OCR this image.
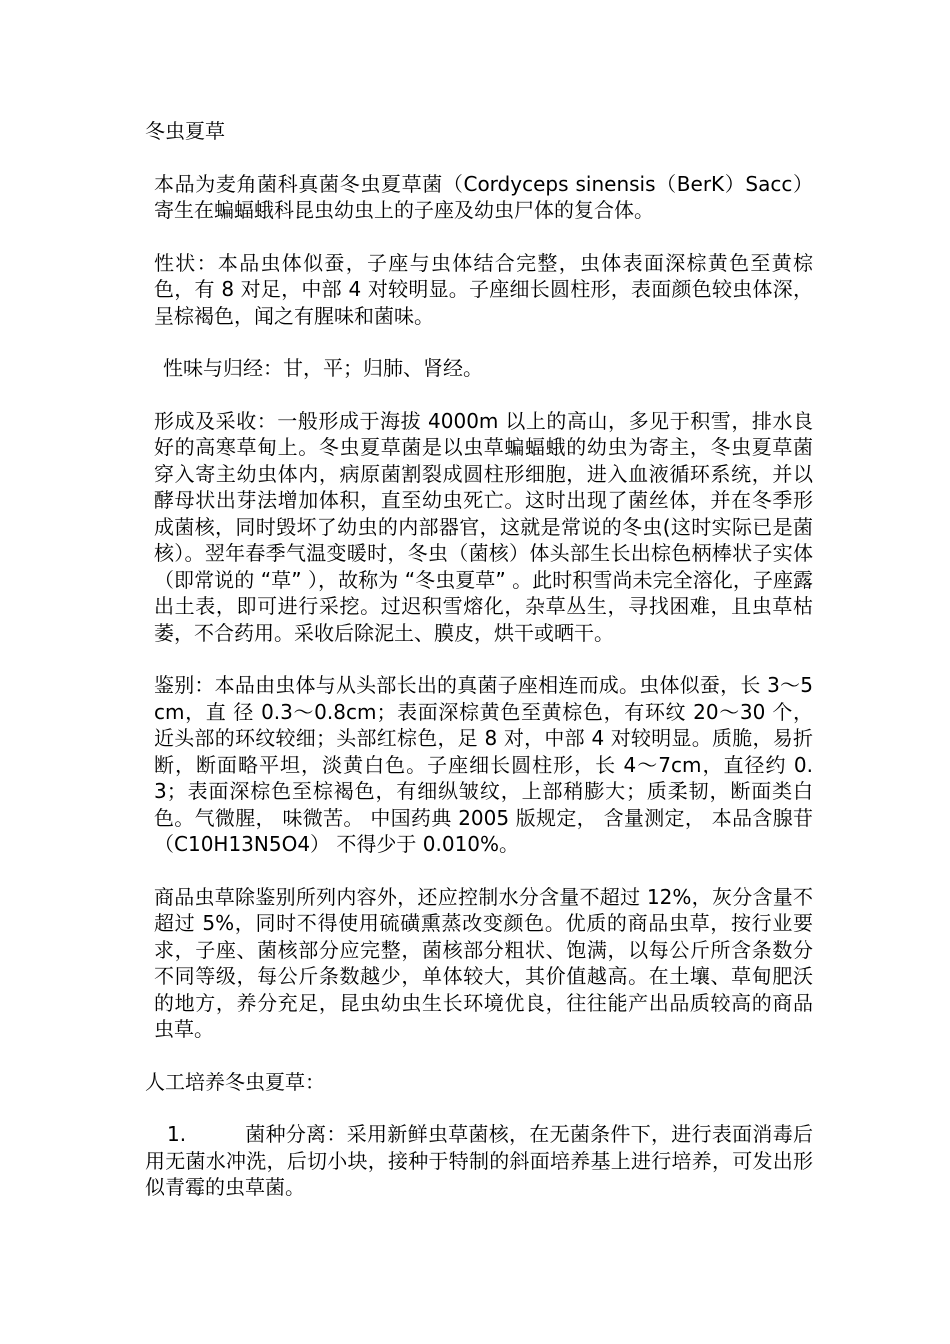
冬虫夏草

本品为麦角菌科真菌冬虫夏草菌（Cordyceps sinensis（BerK）Sacc）寄生在蝙蝠蛾科昆虫幼虫上的子座及幼虫尸体的复合体。

性状：本品虫体似蚕，子座与虫体结合完整，虫体表面深棕黄色至黄棕色，有 8 对足，中部 4 对较明显。子座细长圆柱形，表面颜色较虫体深，呈棕褐色，闻之有腥味和菌味。

性味与归经：甘，平；归肺、肾经。

形成及采收：一般形成于海拔 4000m 以上的高山，多见于积雪，排水良好的高寒草甸上。冬虫夏草菌是以虫草蝙蝠蛾的幼虫为寄主，冬虫夏草菌穿入寄主幼虫体内，病原菌割裂成圆柱形细胞，进入血液循环系统，并以酵母状出芽法增加体积，直至幼虫死亡。这时出现了菌丝体，并在冬季形成菌核，同时毁坏了幼虫的内部器官，这就是常说的冬虫(这时实际已是菌核）。翌年春季气温变暖时，冬虫（菌核）体头部生长出棕色柄棒状子实体 （即常说的 “草” ），故称为 “冬虫夏草” 。此时积雪尚未完全溶化，子座露出土表，即可进行采挖。过迟积雪熔化，杂草丛生，寻找困难，且虫草枯萎，不合药用。采收后除泥土、膜皮，烘干或晒干。

鉴别：本品由虫体与从头部长出的真菌子座相连而成。虫体似蚕，长 3～5cm，直 径 0.3～0.8cm；表面深棕黄色至黄棕色，有环纹 20～30 个，近头部的环纹较细；头部红棕色，足 8 对，中部 4 对较明显。质脆，易折断，断面略平坦，淡黄白色。子座细长圆柱形，长 4～7cm，直径约 0.3；表面深棕色至棕褐色，有细纵皱纹，上部稍膨大；质柔韧，断面类白色。气微腥， 味微苦。 中国药典 2005 版规定， 含量测定， 本品含腺苷 （C10H13N5O4） 不得少于 0.010%。

商品虫草除鉴别所列内容外，还应控制水分含量不超过 12%，灰分含量不超过 5%，同时不得使用硫磺熏蒸改变颜色。优质的商品虫草，按行业要求，子座、菌核部分应完整，菌核部分粗状、饱满，以每公斤所含条数分不同等级，每公斤条数越少，单体较大，其价值越高。在土壤、草甸肥沃的地方，养分充足，昆虫幼虫生长环境优良，往往能产出品质较高的商品虫草。

人工培养冬虫夏草：

1.	菌种分离：采用新鲜虫草菌核，在无菌条件下，进行表面消毒后用无菌水冲洗，后切小块，接种于特制的斜面培养基上进行培养，可发出形似青霉的虫草菌。
